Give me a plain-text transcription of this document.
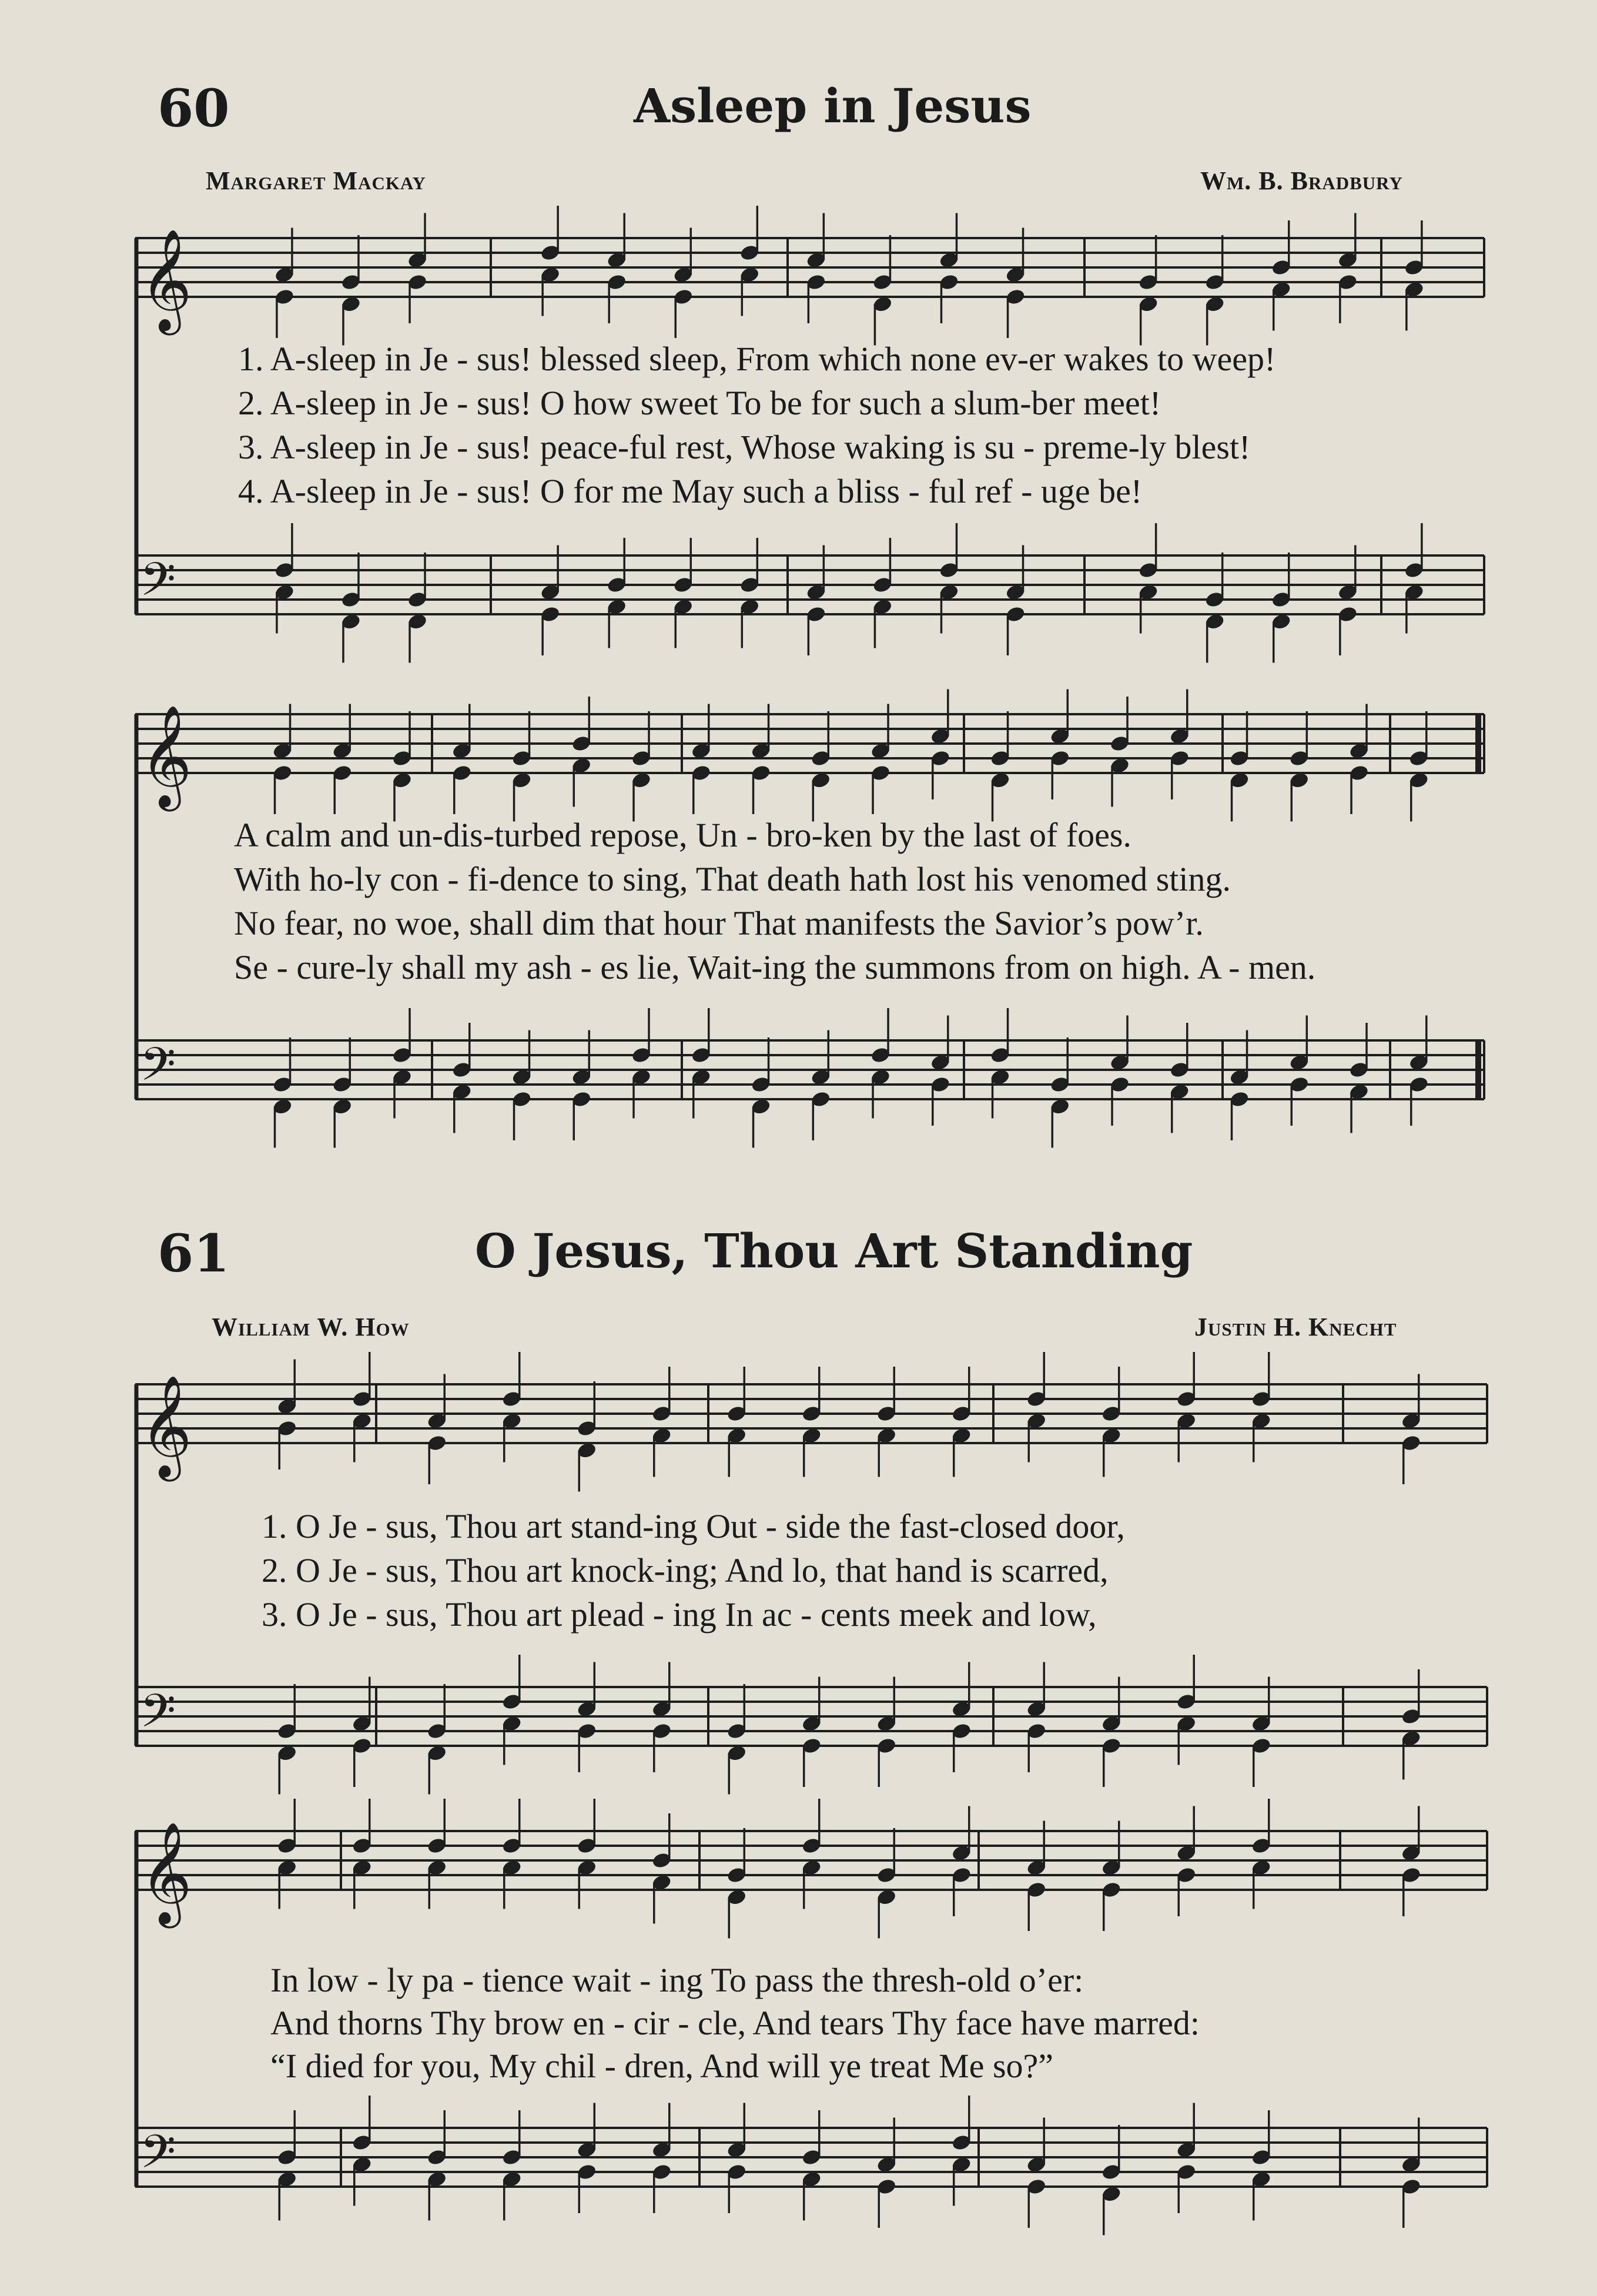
60	Asleep in Jesus
Margaret Mackay	Wm. B. Bradbury
1. A-sleep in Je - sus! blessed sleep, From which none ev-er wakes to weep!
2. A-sleep in Je - sus! O how sweet To be for such a slum-ber meet!
3. A-sleep in Je - sus! peace-ful rest, Whose waking is su - preme-ly blest!
4. A-sleep in Je - sus! O for me May such a bliss - ful ref - uge be!
A calm and un-dis-turbed repose, Un - bro-ken by the last of foes.
With ho-ly con - fi-dence to sing, That death hath lost his venomed sting.
No fear, no woe, shall dim that hour That manifests the Savior’s pow’r.
Se - cure-ly shall my ash - es lie, Wait-ing the summons from on high. A - men.
61	O Jesus, Thou Art Standing
William W. How	Justin H. Knecht
1. O Je - sus, Thou art stand-ing Out - side the fast-closed door,
2. O Je - sus, Thou art knock-ing; And lo, that hand is scarred,
3. O Je - sus, Thou art plead - ing In ac - cents meek and low,
In low - ly pa - tience wait - ing To pass the thresh-old o’er:
And thorns Thy brow en - cir - cle, And tears Thy face have marred:
“I died for you, My chil - dren, And will ye treat Me so?”
𝄞
𝄢
𝄞
𝄢
𝄞
𝄢
𝄞
𝄢
